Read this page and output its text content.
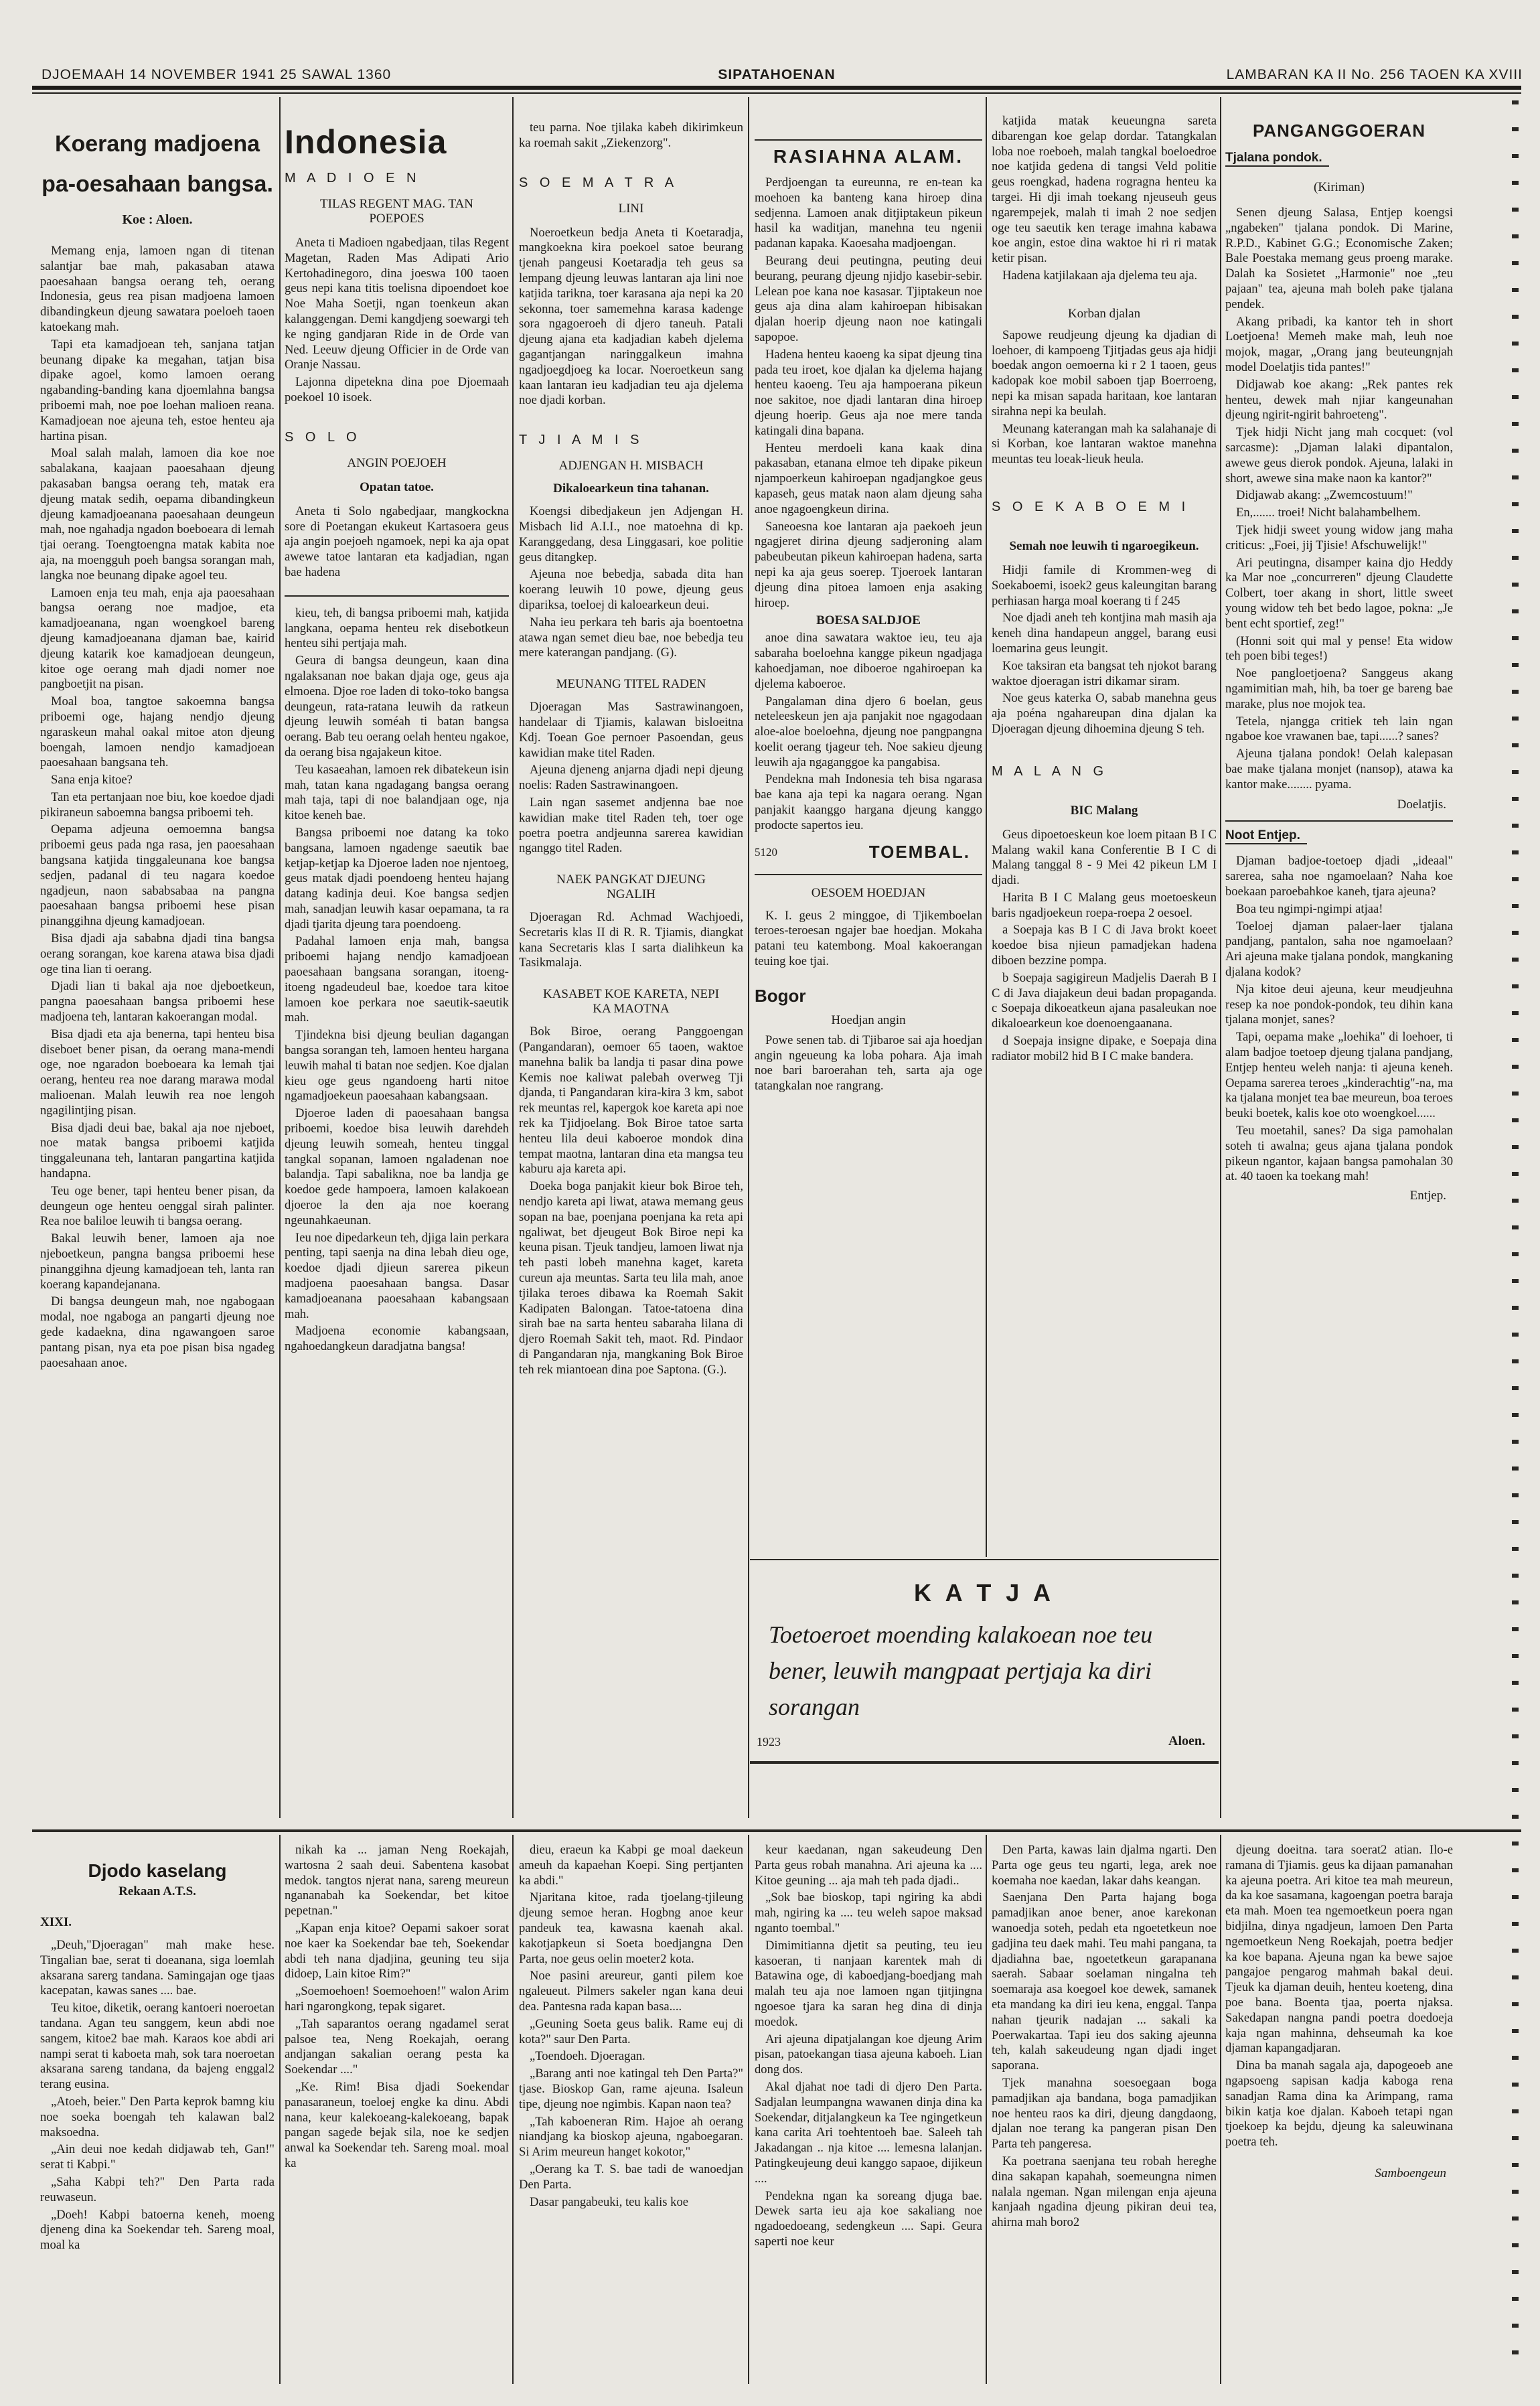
DJOEMAAH 14 NOVEMBER 1941 25 SAWAL 1360	SIPATAHOENAN	LAMBARAN KA II No. 256 TAOEN KA XVIII
Koerang madjoena pa-oesahaan bangsa.
Koe : Aloen.

Memang enja, lamoen ngan di titenan salantjar bae mah, pakasaban atawa paoesahaan bangsa oerang teh, oerang Indonesia, geus rea pisan madjoena lamoen dibandingkeun djeung sawatara poeloeh taoen katoekang mah.

Tapi eta kamadjoean teh, sanjana tatjan beunang dipake ka megahan, tatjan bisa dipake agoel, komo lamoen oerang ngabanding-banding kana djoemlahna bangsa priboemi mah, noe poe loehan malioen reana. Kamadjoean noe ajeuna teh, estoe henteu aja hartina pisan.

Moal salah malah, lamoen dia koe noe sabalakana, kaajaan paoesahaan djeung pakasaban bangsa oerang teh, matak era djeung matak sedih, oepama dibandingkeun djeung kamadjoeanana paoesahaan deungeun mah, noe ngahadja ngadon boeboeara di lemah tjai oerang. Toengtoengna matak kabita noe aja, na moengguh poeh bangsa sorangan mah, langka noe beunang dipake agoel teu.

Lamoen enja teu mah, enja aja paoesahaan bangsa oerang noe madjoe, eta kamadjoeanana, ngan woengkoel bareng djeung kamadjoeanana djaman bae, kairid djeung katarik koe kamadjoean deungeun, kitoe oge oerang mah djadi nomer noe pangboetjit na pisan.

Moal boa, tangtoe sakoemna bangsa priboemi oge, hajang nendjo djeung ngaraskeun mahal oakal mitoe aton djeung boengah, lamoen nendjo kamadjoean paoesahaan bangsana teh.

Sana enja kitoe?

Tan eta pertanjaan noe biu, koe koedoe djadi pikiraneun saboemna bangsa priboemi teh.

Oepama adjeuna oemoemna bangsa priboemi geus pada nga rasa, jen paoesahaan bangsana katjida tinggaleunana koe bangsa sedjen, padanal di teu nagara koedoe ngadjeun, naon sababsabaa na pangna paoesahaan bangsa priboemi hese pisan pinanggihna djeung kamadjoean.

Bisa djadi aja sababna djadi tina bangsa oerang sorangan, koe karena atawa bisa djadi oge tina lian ti oerang.

Djadi lian ti bakal aja noe djeboetkeun, pangna paoesahaan bangsa priboemi hese madjoena teh, lantaran kakoerangan modal.

Bisa djadi eta aja benerna, tapi henteu bisa diseboet bener pisan, da oerang mana-mendi oge, noe ngaradon boeboeara ka lemah tjai oerang, henteu rea noe darang marawa modal malioenan. Malah leuwih rea noe lengoh ngagilintjing pisan.

Bisa djadi deui bae, bakal aja noe njeboet, noe matak bangsa priboemi katjida tinggaleunana teh, lantaran pangartina katjida handapna.

Teu oge bener, tapi henteu bener pisan, da deungeun oge henteu oenggal sirah palinter. Rea noe baliloe leuwih ti bangsa oerang.

Bakal leuwih bener, lamoen aja noe njeboetkeun, pangna bangsa priboemi hese pinanggihna djeung kamadjoean teh, lanta ran koerang kapandejanana.

Di bangsa deungeun mah, noe ngabogaan modal, noe ngaboga an pangarti djeung noe gede kadaekna, dina ngawangoen saroe pantang pisan, nya eta poe pisan bisa ngadeg paoesahaan anoe.

Indonesia
M A D I O E N
TILAS REGENT MAG. TAN POEPOES

Aneta ti Madioen ngabedjaan, tilas Regent Magetan, Raden Mas Adipati Ario Kertohadinegoro, dina joeswa 100 taoen geus nepi kana titis toelisna dipoendoet koe Noe Maha Soetji, ngan toenkeun akan kalanggengan. Demi kangdjeng soewargi teh ke nging gandjaran Ride in de Orde van Ned. Leeuw djeung Officier in de Orde van Oranje Nassau.

Lajonna dipetekna dina poe Djoemaah poekoel 10 isoek.

S O L O
ANGIN POEJOEH
Opatan tatoe.

Aneta ti Solo ngabedjaar, mangkockna sore di Poetangan ekukeut Kartasoera geus aja angin poejoeh ngamoek, nepi ka aja opat awewe tatoe lantaran eta kadjadian, ngan bae hadena

kieu, teh, di bangsa priboemi mah, katjida langkana, oepama henteu rek disebotkeun henteu sihi pertjaja mah.

Geura di bangsa deungeun, kaan dina ngalaksanan noe bakan djaja oge, geus aja elmoena. Djoe roe laden di toko-toko bangsa deungeun, rata-ratana leuwih da ratkeun djeung leuwih soméah ti batan bangsa oerang. Bab teu oerang oelah henteu ngakoe, da oerang bisa ngajakeun kitoe.

Teu kasaeahan, lamoen rek dibatekeun isin mah, tatan kana ngadagang bangsa oerang mah taja, tapi di noe balandjaan oge, nja kitoe keneh bae.

Bangsa priboemi noe datang ka toko bangsana, lamoen ngadenge saeutik bae ketjap-ketjap ka Djoeroe laden noe njentoeg, geus matak djadi poendoeng henteu hajang datang kadinja deui. Koe bangsa sedjen mah, sanadjan leuwih kasar oepamana, ta ra djadi tjarita djeung tara poendoeng.

Padahal lamoen enja mah, bangsa priboemi hajang nendjo kamadjoean paoesahaan bangsana sorangan, itoeng-itoeng ngadeudeul bae, koedoe tara kitoe lamoen koe perkara noe saeutik-saeutik mah.

Tjindekna bisi djeung beulian dagangan bangsa sorangan teh, lamoen henteu hargana leuwih mahal ti batan noe sedjen. Koe djalan kieu oge geus ngandoeng harti nitoe ngamadjoekeun paoesahaan kabangsaan.

Djoeroe laden di paoesahaan bangsa priboemi, koedoe bisa leuwih darehdeh djeung leuwih someah, henteu tinggal tangkal sopanan, lamoen ngaladenan noe balandja. Tapi sabalikna, noe ba landja ge koedoe gede hampoera, lamoen kalakoean djoeroe la den aja noe koerang ngeunahkaeunan.

Ieu noe dipedarkeun teh, djiga lain perkara penting, tapi saenja na dina lebah dieu oge, koedoe djadi djieun sarerea pikeun madjoena paoesahaan bangsa. Dasar kamadjoeanana paoesahaan kabangsaan mah.

Madjoena economie kabangsaan, ngahoedangkeun daradjatna bangsa!

teu parna. Noe tjilaka kabeh dikirimkeun ka roemah sakit „Ziekenzorg".

S O E M A T R A
LINI

Noeroetkeun bedja Aneta ti Koetaradja, mangkoekna kira poekoel satoe beurang tjenah pangeusi Koetaradja teh geus sa lempang djeung leuwas lantaran aja lini noe katjida tarikna, toer karasana aja nepi ka 20 sekonna, toer samemehna karasa kadenge sora ngagoeroeh di djero taneuh. Patali djeung ajana eta kadjadian kabeh djelema gagantjangan naringgalkeun imahna ngadjoegdjoeg ka locar. Noeroetkeun sang kaan lantaran ieu kadjadian teu aja djelema noe djadi korban.

T J I A M I S
ADJENGAN H. MISBACH
Dikaloearkeun tina tahanan.

Koengsi dibedjakeun jen Adjengan H. Misbach lid A.I.I., noe matoehna di kp. Karanggedang, desa Linggasari, koe politie geus ditangkep.

Ajeuna noe bebedja, sabada dita han koerang leuwih 10 powe, djeung geus dipariksa, toeloej di kaloearkeun deui.

Naha ieu perkara teh baris aja boentoetna atawa ngan semet dieu bae, noe bebedja teu mere katerangan pandjang. (G).

MEUNANG TITEL RADEN

Djoeragan Mas Sastrawinangoen, handelaar di Tjiamis, kalawan bisloeitna Kdj. Toean Goe pernoer Pasoendan, geus kawidian make titel Raden.

Ajeuna djeneng anjarna djadi nepi djeung noelis: Raden Sastrawinangoen.

Lain ngan sasemet andjenna bae noe kawidian make titel Raden teh, toer oge poetra poetra andjeunna sarerea kawidian nganggo titel Raden.

NAEK PANGKAT DJEUNG NGALIH

Djoeragan Rd. Achmad Wachjoedi, Secretaris klas II di R. R. Tjiamis, diangkat kana Secretaris klas I sarta dialihkeun ka Tasikmalaja.

KASABET KOE KARETA, NEPI KA MAOTNA

Bok Biroe, oerang Panggoengan (Pangandaran), oemoer 65 taoen, waktoe manehna balik ba landja ti pasar dina powe Kemis noe kaliwat palebah overweg Tji djanda, ti Pangandaran kira-kira 3 km, sabot rek meuntas rel, kapergok koe kareta api noe rek ka Tjidjoelang. Bok Biroe tatoe sarta henteu lila deui kaboeroe mondok dina tempat maotna, lantaran dina eta mangsa teu kaburu aja kareta api.

Doeka boga panjakit kieur bok Biroe teh, nendjo kareta api liwat, atawa memang geus sopan na bae, poenjana poenjana ka reta api ngaliwat, bet djeugeut Bok Biroe nepi ka keuna pisan. Tjeuk tandjeu, lamoen liwat nja teh pasti lobeh manehna kaget, kareta cureun aja meuntas. Sarta teu lila mah, anoe tjilaka teroes dibawa ka Roemah Sakit Kadipaten Balongan. Tatoe-tatoena dina sirah bae na sarta henteu sabaraha lilana di djero Roemah Sakit teh, maot. Rd. Pindaor di Pangandaran nja, mangkaning Bok Biroe teh rek miantoean dina poe Saptona. (G.).

RASIAHNA ALAM.

Perdjoengan ta eureunna, re en-tean ka moehoen ka banteng kana hiroep dina sedjenna. Lamoen anak ditjiptakeun pikeun hasil ka waditjan, manehna teu ngenii padanan kapaka. Kaoesaha madjoengan.

Beurang deui peutingna, peuting deui beurang, peurang djeung njidjo kasebir-sebir. Lelean poe kana noe kasasar. Tjiptakeun noe geus aja dina alam kahiroepan hibisakan djalan hoerip djeung naon noe katingali sapopoe.

Hadena henteu kaoeng ka sipat djeung tina pada teu iroet, koe djalan ka djelema hajang henteu kaoeng. Teu aja hampoerana pikeun noe sakitoe, noe djadi lantaran dina hiroep djeung hoerip. Geus aja noe mere tanda katingali dina bapana.

Henteu merdoeli kana kaak dina pakasaban, etanana elmoe teh dipake pikeun njampoerkeun kahiroepan ngadjangkoe geus kapaseh, geus matak naon alam djeung saha anoe ngagoengkeun dirina.

Saneoesna koe lantaran aja paekoeh jeun ngagjeret dirina djeung sadjeroning alam pabeubeutan pikeun kahiroepan hadena, sarta nepi ka aja geus soerep. Tjoeroek lantaran djeung dina pitoea lamoen enja asaking hiroep.

BOESA SALDJOE

anoe dina sawatara waktoe ieu, teu aja sabaraha boeloehna kangge pikeun ngadjaga kahoedjaman, noe diboeroe ngahiroepan ka djelema kaboeroe.

Pangalaman dina djero 6 boelan, geus neteleeskeun jen aja panjakit noe ngagodaan aloe-aloe boeloehna, djeung noe pangpangna koelit oerang tjageur teh. Noe sakieu djeung leuwih aja ngaganggoe ka pangabisa.

Pendekna mah Indonesia teh bisa ngarasa bae kana aja tepi ka nagara oerang. Ngan panjakit kaanggo hargana djeung kanggo prodocte sapertos ieu.

5120	TOEMBAL.
OESOEM HOEDJAN

K. I. geus 2 minggoe, di Tjikemboelan teroes-teroesan ngajer bae hoedjan. Mokaha patani teu katembong. Moal kakoerangan teuing koe tjai.

Bogor
Hoedjan angin

Powe senen tab. di Tjibaroe sai aja hoedjan angin ngeueung ka loba pohara. Aja imah noe bari baroerahan teh, sarta aja oge tatangkalan noe rangrang.

katjida matak keueungna sareta dibarengan koe gelap dordar. Tatangkalan loba noe roeboeh, malah tangkal boeloedroe noe katjida gedena di tangsi Veld politie geus roengkad, hadena rogragna henteu ka targei. Hi dji imah toekang njeuseuh geus ngarempejek, malah ti imah 2 noe sedjen oge teu saeutik ken terage imahna kabawa koe angin, estoe dina waktoe hi ri ri matak ketir pisan.

Hadena katjilakaan aja djelema teu aja.

Korban djalan

Sapowe reudjeung djeung ka djadian di loehoer, di kampoeng Tjitjadas geus aja hidji boedak angon oemoerna ki r 2 1 taoen, geus kadopak koe mobil saboen tjap Boerroeng, nepi ka misan sapada haritaan, koe lantaran sirahna nepi ka beulah.

Meunang katerangan mah ka salahanaje di si Korban, koe lantaran waktoe manehna meuntas teu loeak-lieuk heula.

S O E K A B O E M I
Semah noe leuwih ti ngaroegikeun.

Hidji famile di Krommen-weg di Soekaboemi, isoek2 geus kaleungitan barang perhiasan harga moal koerang ti f 245

Noe djadi aneh teh kontjina mah masih aja keneh dina handapeun anggel, barang eusi loemarina geus leungit.

Koe taksiran eta bangsat teh njokot barang waktoe djoeragan istri dikamar siram.

Noe geus katerka O, sabab manehna geus aja poéna ngahareupan dina djalan ka Djoeragan djeung dihoemina djeung S teh.

M A L A N G
BIC Malang

Geus dipoetoeskeun koe loem pitaan B I C Malang wakil kana Conferentie B I C di Malang tanggal 8 - 9 Mei 42 pikeun LM I djadi.

Harita B I C Malang geus moetoeskeun baris ngadjoekeun roepa-roepa 2 oesoel.

a Soepaja kas B I C di Java brokt koeet koedoe bisa njieun pamadjekan hadena diboen bezzine pompa.

b Soepaja sagigireun Madjelis Daerah B I C di Java diajakeun deui badan propaganda. c Soepaja dikoeatkeun ajana pasaleukan noe dikaloearkeun koe doenoengaanana.

d Soepaja insigne dipake, e Soepaja dina radiator mobil2 hid B I C make bandera.

K A T J A
Toetoeroet moending kalakoean noe teu bener, leuwih mangpaat pertjaja ka diri sorangan
1923	Aloen.
PANGANGGOERAN
Tjalana pondok.
(Kiriman)

Senen djeung Salasa, Entjep koengsi „ngabeken" tjalana pondok. Di Marine, R.P.D., Kabinet G.G.; Economische Zaken; Bale Poestaka memang geus proeng marake. Dalah ka Sosietet „Harmonie" noe „teu pajaan" tea, ajeuna mah boleh pake tjalana pendek.

Akang pribadi, ka kantor teh in short Loetjoena! Memeh make mah, leuh noe mojok, magar, „Orang jang beuteungnjah model Doelatjis tida pantes!"

Didjawab koe akang: „Rek pantes rek henteu, dewek mah njiar kangeunahan djeung ngirit-ngirit bahroeteng".

Tjek hidji Nicht jang mah cocquet: (vol sarcasme): „Djaman lalaki dipantalon, awewe geus dierok pondok. Ajeuna, lalaki in short, awewe sina make naon ka kantor?"

Didjawab akang: „Zwemcostuum!"

En,....... troei! Nicht balahambelhem.

Tjek hidji sweet young widow jang maha criticus: „Foei, jij Tjisie! Afschuwelijk!"

Ari peutingna, disamper kaina djo Heddy ka Mar noe „concurreren" djeung Claudette Colbert, toer akang in short, little sweet young widow teh bet bedo lagoe, pokna: „Je bent echt sportief, zeg!"

(Honni soit qui mal y pense! Eta widow teh poen bibi teges!)

Noe pangloetjoena? Sanggeus akang ngamimitian mah, hih, ba toer ge bareng bae marake, plus noe mojok tea.

Tetela, njangga critiek teh lain ngan ngaboe koe vrawanen bae, tapi......? sanes?

Ajeuna tjalana pondok! Oelah kalepasan bae make tjalana monjet (nansop), atawa ka kantor make........ pyama.

Doelatjis.
Noot Entjep.

Djaman badjoe-toetoep djadi „ideaal" sarerea, saha noe ngamoelaan? Naha koe boekaan paroebahkoe kaneh, tjara ajeuna?

Boa teu ngimpi-ngimpi atjaa!

Toeloej djaman palaer-laer tjalana pandjang, pantalon, saha noe ngamoelaan? Ari ajeuna make tjalana pondok, mangkaning djalana kodok?

Nja kitoe deui ajeuna, keur meudjeuhna resep ka noe pondok-pondok, teu dihin kana tjalana monjet, sanes?

Tapi, oepama make „loehika" di loehoer, ti alam badjoe toetoep djeung tjalana pandjang, Entjep henteu weleh nanja: ti ajeuna keneh. Oepama sarerea teroes „kinderachtig"-na, ma ka tjalana monjet tea bae meureun, boa teroes beuki boetek, kalis koe oto woengkoel......

Teu moetahil, sanes? Da siga pamohalan soteh ti awalna; geus ajana tjalana pondok pikeun ngantor, kajaan bangsa pamohalan 30 at. 40 taoen ka toekang mah!

Entjep.
Djodo kaselang
Rekaan A.T.S.
XIXI.

„Deuh,"Djoeragan" mah make hese. Tingalian bae, serat ti doeanana, siga loemlah aksarana sarerg tandana. Samingajan oge tjaas kacepatan, kawas sanes .... bae.

Teu kitoe, diketik, oerang kantoeri noeroetan tandana. Agan teu sanggem, keun abdi noe sangem, kitoe2 bae mah. Karaos koe abdi ari nampi serat ti kaboeta mah, sok tara noeroetan aksarana sareng tandana, da bajeng enggal2 terang eusina.

„Atoeh, beier." Den Parta keprok bamng kiu noe soeka boengah teh kalawan bal2 maksoedna.

„Ain deui noe kedah didjawab teh, Gan!" serat ti Kabpi."

„Saha Kabpi teh?" Den Parta rada reuwaseun.

„Doeh! Kabpi batoerna keneh, moeng djeneng dina ka Soekendar teh. Sareng moal, moal ka

nikah ka ... jaman Neng Roekajah, wartosna 2 saah deui. Sabentena kasobat medok. tangtos njerat nana, sareng meureun ngananabah ka Soekendar, bet kitoe pepetnan."

„Kapan enja kitoe? Oepami sakoer sorat noe kaer ka Soekendar bae teh, Soekendar abdi teh nana djadjina, geuning teu sija didoep, Lain kitoe Rim?"

„Soemoehoen! Soemoehoen!" walon Arim hari ngarongkong, tepak sigaret.

„Tah saparantos oerang ngadamel serat palsoe tea, Neng Roekajah, oerang andjangan sakalian oerang pesta ka Soekendar ...."

„Ke. Rim! Bisa djadi Soekendar panasaraneun, toeloej engke ka dinu. Abdi nana, keur kalekoeang-kalekoeang, bapak pangan sagede bejak sila, noe ke sedjen anwal ka Soekendar teh. Sareng moal. moal ka

dieu, eraeun ka Kabpi ge moal daekeun ameuh da kapaehan Koepi. Sing pertjanten ka abdi."

Njaritana kitoe, rada tjoelang-tjileung djeung semoe heran. Hogbng anoe keur pandeuk tea, kawasna kaenah akal. kakotjapkeun si Soeta boedjangna Den Parta, noe geus oelin moeter2 kota.

Noe pasini areureur, ganti pilem koe ngaleueut. Pilmers sakeler ngan kana deui dea. Pantesna rada kapan basa....

„Geuning Soeta geus balik. Rame euj di kota?" saur Den Parta.

„Toendoeh. Djoeragan.

„Barang anti noe katingal teh Den Parta?" tjase. Bioskop Gan, rame ajeuna. Isaleun tipe, djeung noe ngimbis. Kapan naon tea?

„Tah kaboeneran Rim. Hajoe ah oerang niandjang ka bioskop ajeuna, ngaboegaran. Si Arim meureun hanget kokotor,"

„Oerang ka T. S. bae tadi de wanoedjan Den Parta.

Dasar pangabeuki, teu kalis koe

keur kaedanan, ngan sakeudeung Den Parta geus robah manahna. Ari ajeuna ka .... Kitoe geuning ... aja mah teh pada djadi..

„Sok bae bioskop, tapi ngiring ka abdi mah, ngiring ka .... teu weleh sapoe maksad nganto toembal."

Dimimitianna djetit sa peuting, teu ieu kasoeran, ti nanjaan karentek mah di Batawina oge, di kaboedjang-boedjang mah malah teu aja noe lamoen ngan tjitjingna ngoesoe tjara ka saran heg dina di dinja moedok.

Ari ajeuna dipatjalangan koe djeung Arim pisan, patoekangan tiasa ajeuna kaboeh. Lian dong dos.

Akal djahat noe tadi di djero Den Parta. Sadjalan leumpangna wawanen dinja dina ka Soekendar, ditjalangkeun ka Tee ngingetkeun kana carita Ari toehtentoeh bae. Saleeh tah Jakadangan .. nja kitoe .... lemesna lalanjan. Patingkeujeung deui kanggo sapaoe, dijikeun ....

Pendekna ngan ka soreang djuga bae. Dewek sarta ieu aja koe sakaliang noe ngadoedoeang, sedengkeun .... Sapi. Geura saperti noe keur

Den Parta, kawas lain djalma ngarti. Den Parta oge geus teu ngarti, lega, arek noe koemaha noe kaedan, lakar dahs keangan.

Saenjana Den Parta hajang boga pamadjikan anoe bener, anoe karekonan wanoedja soteh, pedah eta ngoetetkeun noe gadjina teu daek mahi. Teu mahi pangana, ta djadiahna bae, ngoetetkeun garapanana saerah. Sabaar soelaman ningalna teh soemaraja asa koegoel koe dewek, samanek eta mandang ka diri ieu kena, enggal. Tanpa nahan tjeurik nadajan ... sakali ka Poerwakartaa. Tapi ieu dos saking ajeunna teh, kalah sakeudeung ngan djadi inget saporana.

Tjek manahna soesoegaan boga pamadjikan aja bandana, boga pamadjikan noe henteu raos ka diri, djeung dangdaong, djalan noe terang ka pangeran pisan Den Parta teh pangeresa.

Ka poetrana saenjana teu robah hereghe dina sakapan kapahah, soemeungna nimen nalala ngeman. Ngan milengan enja ajeuna kanjaah ngadina djeung pikiran deui tea, ahirna mah boro2

djeung doeitna. tara soerat2 atian. Ilo-e ramana di Tjiamis. geus ka dijaan pamanahan ka ajeuna poetra. Ari kitoe tea mah meureun, da ka koe sasamana, kagoengan poetra baraja eta mah. Moen tea ngemoetkeun poera ngan bidjilna, dinya ngadjeun, lamoen Den Parta ngemoetkeun Neng Roekajah, poetra bedjer ka koe bapana. Ajeuna ngan ka bewe sajoe pangajoe pengarog mahmah bakal deui. Tjeuk ka djaman deuih, henteu koeteng, dina poe bana. Boenta tjaa, poerta njaksa. Sakedapan nangna pandi poetra doedoeja kaja ngan mahinna, dehseumah ka koe djaman kapangadjaran.

Dina ba manah sagala aja, dapogeoeb ane ngapsoeng sapisan kadja kaboga rena sanadjan Rama dina ka Arimpang, rama bikin katja koe djalan. Kaboeh tetapi ngan tjoekoep ka bejdu, djeung ka saleuwinana poetra teh.

Samboengeun
